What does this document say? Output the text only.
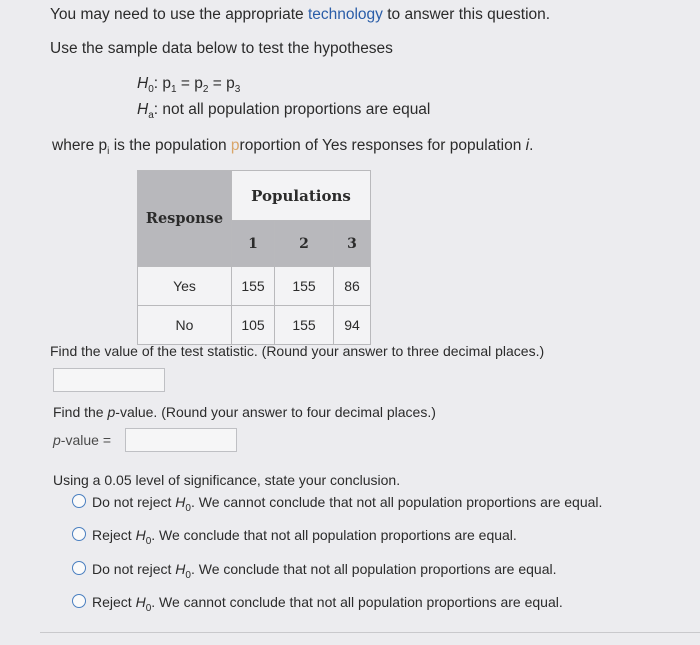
You may need to use the appropriate technology to answer this question.
Use the sample data below to test the hypotheses
$H_0$: $p_1 = p_2 = p_3$
$H_a$: not all population proportions are equal
where $p_i$ is the population proportion of Yes responses for population i.
Response	Populations		
	1	2	3
Yes	155	155	86
No	105	155	94
Find the value of the test statistic. (Round your answer to three decimal places.)
Find the p-value. (Round your answer to four decimal places.)
p-value =
Using a 0.05 level of significance, state your conclusion.
Do not reject $H_0$. We cannot conclude that not all population proportions are equal.
Reject $H_0$. We conclude that not all population proportions are equal.
Do not reject $H_0$. We conclude that not all population proportions are equal.
Reject $H_0$. We cannot conclude that not all population proportions are equal.
